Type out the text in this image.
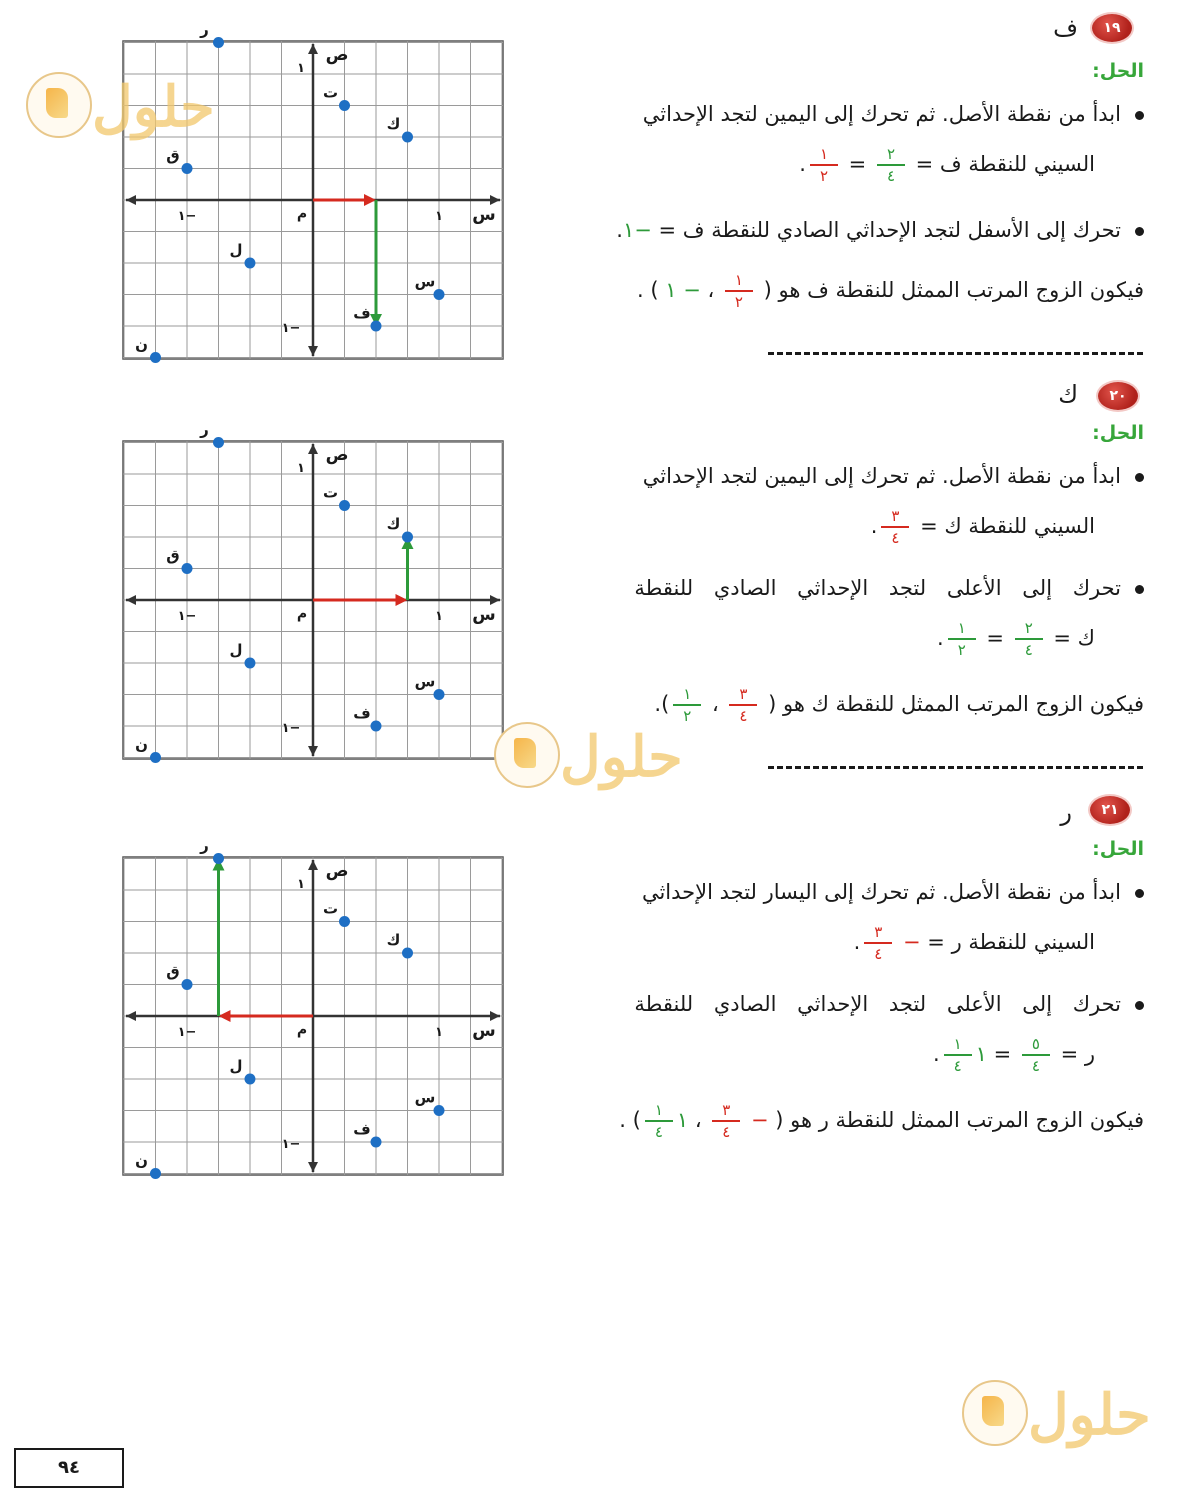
١٩
ف
الحل:
ابدأ من نقطة الأصل. ثم تحرك إلى اليمين لتجد الإحداثي
السيني للنقطة ف =
$\frac{٢}{٤}$
=
$\frac{١}{٢}$
.
تحرك إلى الأسفل لتجد الإحداثي الصادي للنقطة ف = −١.
فيكون الزوج المرتب الممثل للنقطة ف هو (
$\frac{١}{٢}$
، − ١ ) .
س
ص
م	١
١−
١
١−
ر
ت
ك
ق
ل
س
ف
ن
٢٠
ك
الحل:
ابدأ من نقطة الأصل. ثم تحرك إلى اليمين لتجد الإحداثي
السيني للنقطة ك =
$\frac{٣}{٤}$
.
تحرك إلى الأعلى لتجد الإحداثي الصادي للنقطة
ك =
$\frac{٢}{٤}$
=
$\frac{١}{٢}$
.
فيكون الزوج المرتب الممثل للنقطة ك هو (
$\frac{٣}{٤}$
،
$\frac{١}{٢}$
).
س
ص
م	١
١−
١
١−
ر
ت
ك
ق
ل
س
ف
ن
٢١
ر
الحل:
ابدأ من نقطة الأصل. ثم تحرك إلى اليسار لتجد الإحداثي
السيني للنقطة ر = −
$\frac{٣}{٤}$
.
تحرك إلى الأعلى لتجد الإحداثي الصادي للنقطة
ر =
$\frac{٥}{٤}$
= ١
$\frac{١}{٤}$
.
فيكون الزوج المرتب الممثل للنقطة ر هو ( −
$\frac{٣}{٤}$
، ١
$\frac{١}{٤}$
) .
س
ص
م	١
١−
١
١−
ر
ت
ك
ق
ل
س
ف
ن
حلول
حلول
حلول
٩٤
